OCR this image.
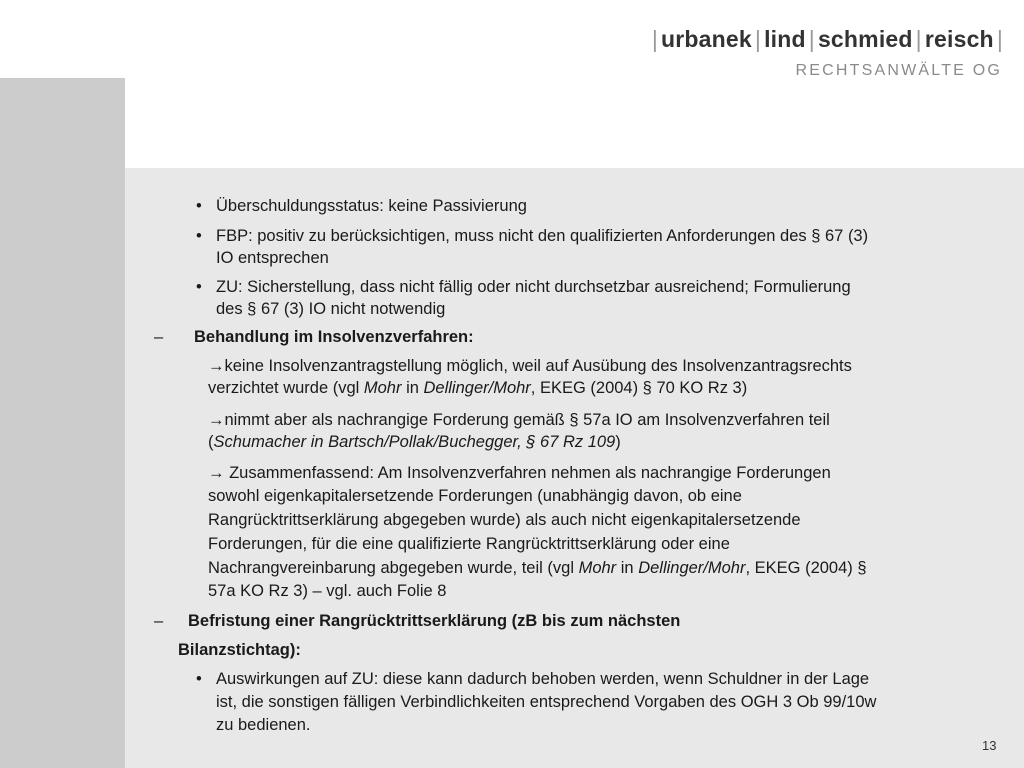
| urbanek | lind | schmied | reisch |
RECHTSANWÄLTE OG
• Überschuldungsstatus: keine Passivierung
• FBP: positiv zu berücksichtigen, muss nicht den qualifizierten Anforderungen des § 67 (3)
IO entsprechen
• ZU: Sicherstellung, dass nicht fällig oder nicht durchsetzbar ausreichend; Formulierung
des § 67 (3) IO nicht notwendig
– Behandlung im Insolvenzverfahren:
→keine Insolvenzantragstellung möglich, weil auf Ausübung des Insolvenzantragsrechts
verzichtet wurde (vgl Mohr in Dellinger/Mohr, EKEG (2004) § 70 KO Rz 3)
→nimmt aber als nachrangige Forderung gemäß § 57a IO am Insolvenzverfahren teil
(Schumacher in Bartsch/Pollak/Buchegger, § 67 Rz 109)
→ Zusammenfassend: Am Insolvenzverfahren nehmen als nachrangige Forderungen
sowohl eigenkapitalersetzende Forderungen (unabhängig davon, ob eine
Rangrücktrittserklärung abgegeben wurde) als auch nicht eigenkapitalersetzende
Forderungen, für die eine qualifizierte Rangrücktrittserklärung oder eine
Nachrangvereinbarung abgegeben wurde, teil (vgl Mohr in Dellinger/Mohr, EKEG (2004) §
57a KO Rz 3) – vgl. auch Folie 8
– Befristung einer Rangrücktrittserklärung (zB bis zum nächsten
Bilanzstichtag):
• Auswirkungen auf ZU: diese kann dadurch behoben werden, wenn Schuldner in der Lage
ist, die sonstigen fälligen Verbindlichkeiten entsprechend Vorgaben des OGH 3 Ob 99/10w
zu bedienen.
13
